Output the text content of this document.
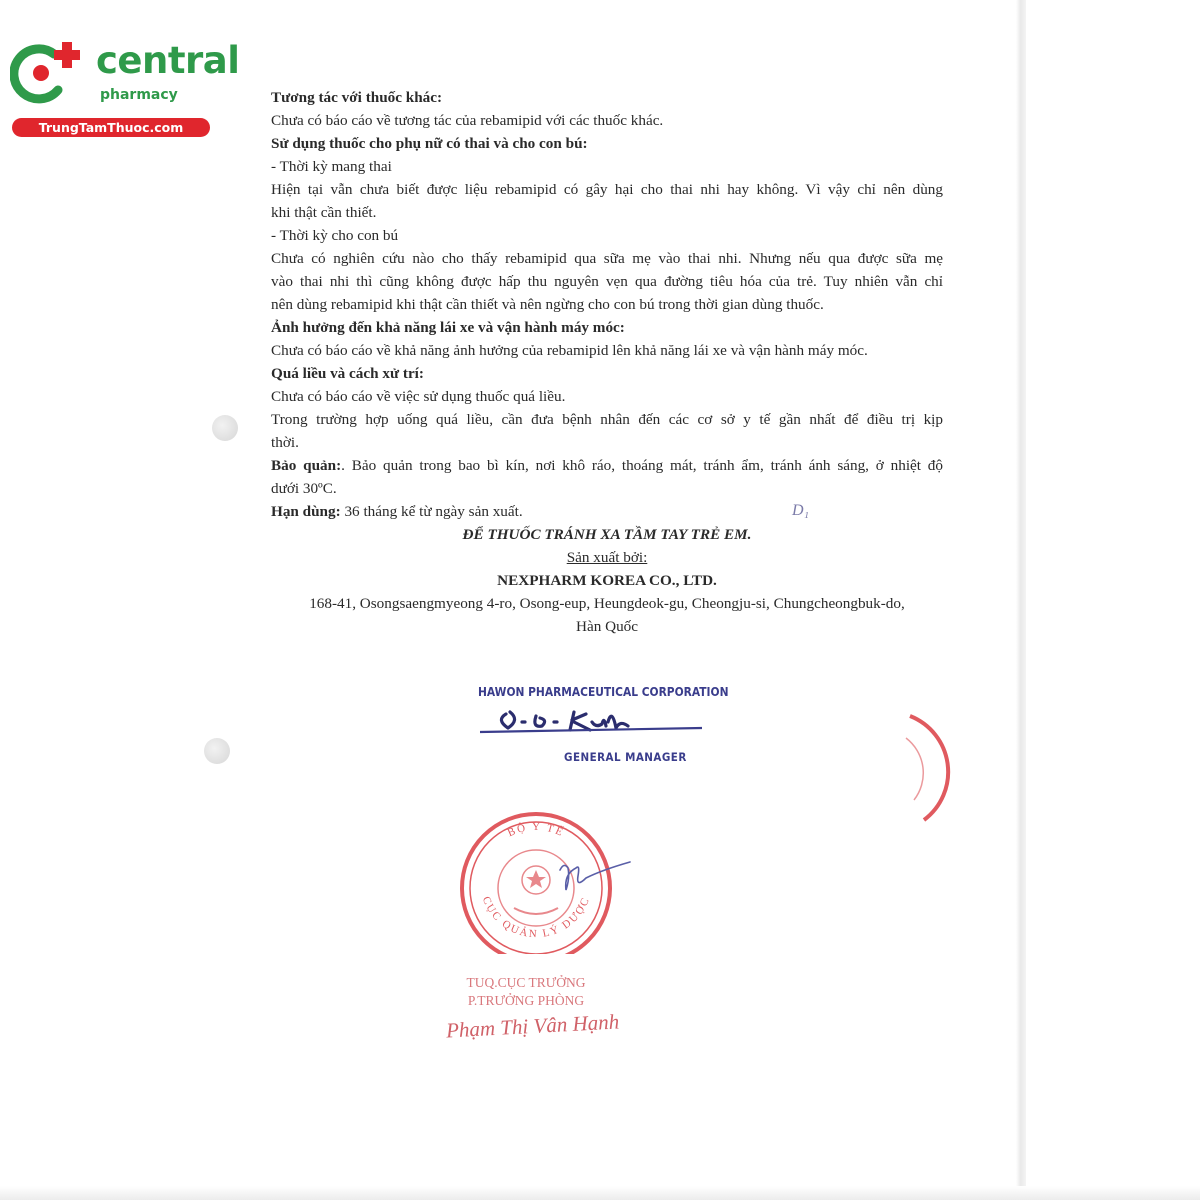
central
pharmacy
TrungTamThuoc.com

Tương tác với thuốc khác:

Chưa có báo cáo về tương tác của rebamipid với các thuốc khác.

Sử dụng thuốc cho phụ nữ có thai và cho con bú:

- Thời kỳ mang thai

Hiện tại vẫn chưa biết được liệu rebamipid có gây hại cho thai nhi hay không. Vì vậy chỉ nên dùng

khi thật cần thiết.

- Thời kỳ cho con bú

Chưa có nghiên cứu nào cho thấy rebamipid qua sữa mẹ vào thai nhi. Nhưng nếu qua được sữa mẹ

vào thai nhi thì cũng không được hấp thu nguyên vẹn qua đường tiêu hóa của trẻ. Tuy nhiên vẫn chỉ

nên dùng rebamipid khi thật cần thiết và nên ngừng cho con bú trong thời gian dùng thuốc.

Ảnh hưởng đến khả năng lái xe và vận hành máy móc:

Chưa có báo cáo về khả năng ảnh hưởng của rebamipid lên khả năng lái xe và vận hành máy móc.

Quá liều và cách xử trí:

Chưa có báo cáo về việc sử dụng thuốc quá liều.

Trong trường hợp uống quá liều, cần đưa bệnh nhân đến các cơ sở y tế gần nhất để điều trị kịp

thời.

Bảo quản:. Bảo quản trong bao bì kín, nơi khô ráo, thoáng mát, tránh ẩm, tránh ánh sáng, ở nhiệt độ

dưới 30ºC.

Hạn dùng: 36 tháng kể từ ngày sản xuất.

ĐỂ THUỐC TRÁNH XA TẦM TAY TRẺ EM.

Sản xuất bởi:

NEXPHARM KOREA CO., LTD.

168-41, Osongsaengmyeong 4-ro, Osong-eup, Heungdeok-gu, Cheongju-si, Chungcheongbuk-do,

Hàn Quốc

D₁
HAWON PHARMACEUTICAL CORPORATION
GENERAL MANAGER
BỘ Y TẾ
CỤC QUẢN LÝ DƯỢC
TUQ.CỤC TRƯỞNG
P.TRƯỞNG PHÒNG
Phạm Thị Vân Hạnh
